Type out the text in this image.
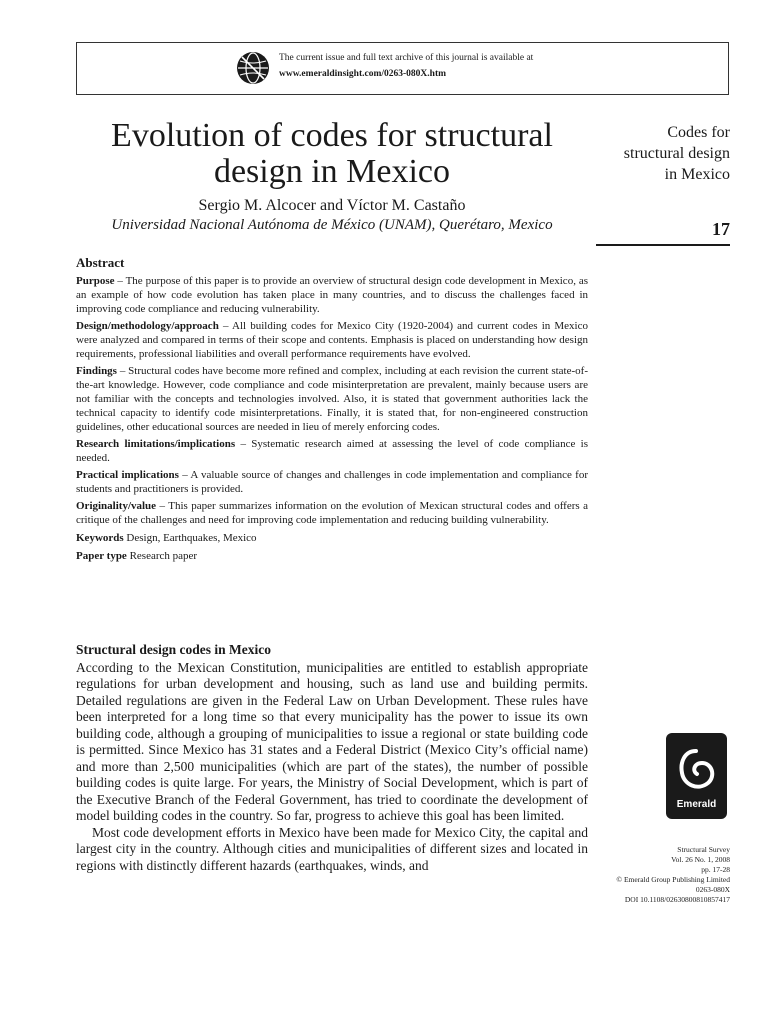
The current issue and full text archive of this journal is available at
www.emeraldinsight.com/0263-080X.htm
Evolution of codes for structural design in Mexico
Sergio M. Alcocer and Víctor M. Castaño
Universidad Nacional Autónoma de México (UNAM), Querétaro, Mexico
Codes for
structural design
in Mexico
17
Abstract

Purpose – The purpose of this paper is to provide an overview of structural design code development in Mexico, as an example of how code evolution has taken place in many countries, and to discuss the challenges faced in improving code compliance and reducing vulnerability.

Design/methodology/approach – All building codes for Mexico City (1920-2004) and current codes in Mexico were analyzed and compared in terms of their scope and contents. Emphasis is placed on understanding how design requirements, professional liabilities and overall performance requirements have evolved.

Findings – Structural codes have become more refined and complex, including at each revision the current state-of-the-art knowledge. However, code compliance and code misinterpretation are prevalent, mainly because users are not familiar with the concepts and technologies involved. Also, it is stated that government authorities lack the technical capacity to identify code misinterpretations. Finally, it is stated that, for non-engineered construction guidelines, other educational sources are needed in lieu of merely enforcing codes.

Research limitations/implications – Systematic research aimed at assessing the level of code compliance is needed.

Practical implications – A valuable source of changes and challenges in code implementation and compliance for students and practitioners is provided.

Originality/value – This paper summarizes information on the evolution of Mexican structural codes and offers a critique of the challenges and need for improving code implementation and reducing building vulnerability.

Keywords Design, Earthquakes, Mexico

Paper type Research paper

Structural design codes in Mexico

According to the Mexican Constitution, municipalities are entitled to establish appropriate regulations for urban development and housing, such as land use and building permits. Detailed regulations are given in the Federal Law on Urban Development. These rules have been interpreted for a long time so that every municipality has the power to issue its own building code, although a grouping of municipalities to issue a regional or state building code is permitted. Since Mexico has 31 states and a Federal District (Mexico City’s official name) and more than 2,500 municipalities (which are part of the states), the number of possible building codes is quite large. For years, the Ministry of Social Development, which is part of the Executive Branch of the Federal Government, has tried to coordinate the development of model building codes in the country. So far, progress to achieve this goal has been limited.

Most code development efforts in Mexico have been made for Mexico City, the capital and largest city in the country. Although cities and municipalities of different sizes and located in regions with distinctly different hazards (earthquakes, winds, and

Emerald
Structural Survey
Vol. 26 No. 1, 2008
pp. 17-28
© Emerald Group Publishing Limited
0263-080X
DOI 10.1108/02630800810857417
